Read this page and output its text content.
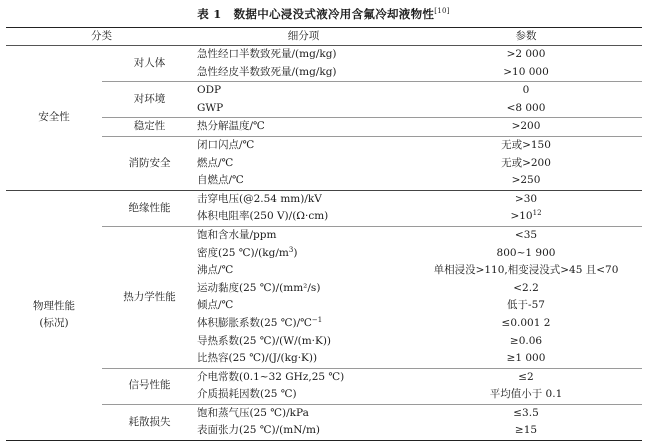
表 1 数据中心浸没式液冷用含氟冷却液物性[10]
分类		细分项	参数
安全性	对人体	急性经口半数致死量/(mg/kg)	>2 000
		急性经皮半数致死量/(mg/kg)	>10 000
	对环境	ODP	0
		GWP	<8 000
	稳定性	热分解温度/℃	>200
	消防安全	闭口闪点/℃	无或>150
		燃点/℃	无或>200
		自燃点/℃	>250
物理性能
(标况)	绝缘性能	击穿电压(@2.54 mm)/kV	>30
		体积电阻率(250 V)/(Ω·cm)	$>10^{12}$
	热力学性能	饱和含水量/ppm	<35
		密度(25 $℃)/(kg/m^3)$	800~1 900
		沸点/℃	单相浸没>110,相变浸没式>45 且<70
		运动黏度(25 ℃)/(mm²/s)	<2.2
		倾点/℃	低于-57
		体积膨胀系数(25 ℃)/℃$^{-1}$	≤0.001 2
		导热系数(25 ℃)/(W/(m·K))	≥0.06
		比热容(25 ℃)/(J/(kg·K))	≥1 000
	信号性能	介电常数(0.1~32 GHz,25 ℃)	≤2
		介质损耗因数(25 ℃)	平均值小于 0.1
	耗散损失	饱和蒸气压(25 ℃)/kPa	≤3.5
		表面张力(25 ℃)/(mN/m)	≥15
